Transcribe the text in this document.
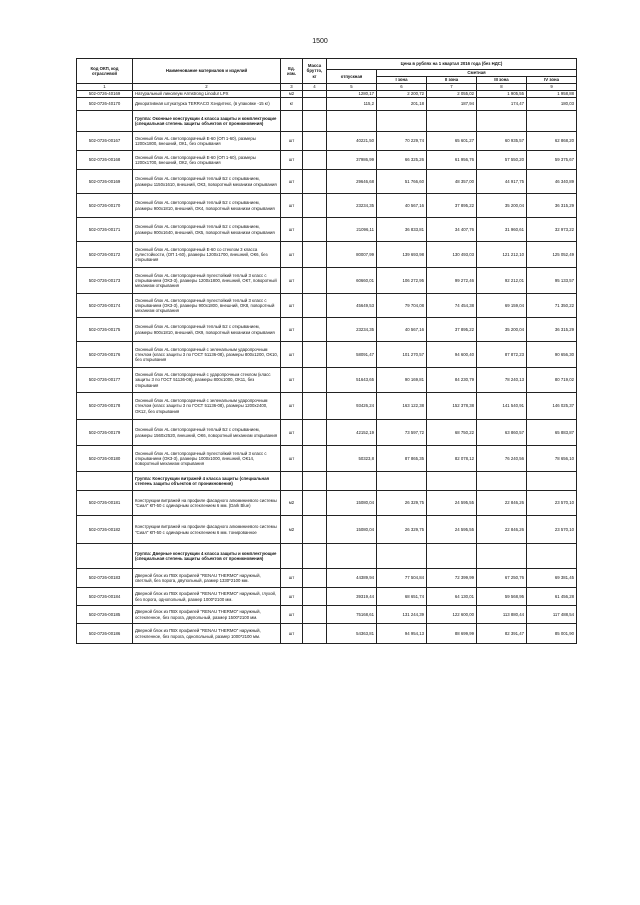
1500
Код ОКП, код отраслевой	Наименование материалов и изделий	Ед. изм.	Масса брутто, кг	Цена в рублях на 1 квартал 2016 года (без НДС)				
				отпускная	Сметная			
					I зона	II зона	III зона	IV зона
1	2	3	4	5	6	7	8	9
502-0726-40169	Натуральный линолеум Armstrong Linodur LPX	м2		1280,17	2 200,72	2 055,02	1 905,55	1 958,88
502-0726-40170	Декоративная штукатурка TERRACO Хэндитекс, (в упаковке -15 кг)	кг		115,2	201,18	187,94	174,47	180,03
	Группа: Оконные конструкции 4 класса защиты и комплектующие (специальная степень защиты объектов от проникновения)							
502-0726-00167	Оконный блок AL светопрозрачный Е-60 (ОП 1-60), размеры 1200х1800, внешний, ОК1, без открывания	шт		40221,50	70 229,74	65 601,27	60 935,57	62 868,20
502-0726-00168	Оконный блок AL светопрозрачный Е-60 (ОП 1-60), размеры 1200х1700, внешний, ОК2, без открывания	шт		37986,99	66 325,26	61 956,76	57 550,20	59 375,67
502-0726-00169	Оконный блок AL светопрозрачный теплый Б2 с открыванием, размеры 1150х1610, внешний, ОК3, поворотный механизм открывания	шт		29646,68	51 766,60	48 357,00	44 917,75	46 340,89
502-0726-00170	Оконный блок AL светопрозрачный теплый Б2 с открыванием, размеры 900х1810, внешний, ОК4, поворотный механизм открывания	шт		23234,35	40 567,16	37 895,22	35 200,04	36 315,29
502-0726-00171	Оконный блок AL светопрозрачный теплый Б2 с открыванием, размеры 900х1640, внешний, ОК5, поворотный механизм открывания	шт		21096,11	36 833,81	34 407,76	31 960,61	32 973,22
502-0726-00172	Оконный блок AL светопрозрачный Е-60 со стеклом 3 класса пулестойкости, (ОП 1-60), размеры 1200х1700, внешний, ОК6, без открывания	шт		80007,99	139 693,98	130 493,03	121 212,10	125 052,49
502-0726-00173	Оконный блок AL светопрозрачный пулестойкий теплый 3 класс с открыванием (ОК3-3), размеры 1200х1800, внешний, ОК7, поворотный механизм открывания	шт		60660,01	106 272,95	99 272,46	92 212,01	95 133,57
502-0726-00174	Оконный блок AL светопрозрачный пулестойкий теплый 3 класс с открыванием (ОК3-3), размеры 900х1800, внешний, ОК8, поворотный механизм открывания	шт		45649,53	79 704,08	74 454,38	69 159,04	71 350,22
502-0726-00175	Оконный блок AL светопрозрачный теплый Б2 с открыванием, размеры 900х1810, внешний, ОК9, поворотный механизм открывания	шт		23234,35	40 567,16	37 895,22	35 200,04	36 315,29
502-0726-00176	Оконный блок AL светопрозрачный с зеленальным ударопрочным стеклом (класс защиты 3 по ГОСТ 51136-08), размеры 800х1200, ОК10, без открывания	шт		58091,47	101 270,57	94 600,40	87 872,23	90 656,30
502-0726-00177	Оконный блок AL светопрозрачный с ударопрочным стеклом (класс защиты 3 по ГОСТ 51136-08), размеры 800х1000, ОК11, без открывания	шт		51643,65	90 169,81	84 230,79	78 240,13	80 719,02
502-0726-00178	Оконный блок AL светопрозрачный с зеленальным ударопрочным стеклом (класс защиты 3 по ГОСТ 51136-08), размеры 1200х2400, ОК12, без открывания	шт		93426,24	163 122,38	152 378,38	141 540,91	146 025,37
502-0726-00179	Оконный блок AL светопрозрачный теплый Б2 с открыванием, размеры 1560х2520, внешний, ОК6, поворотный механизм открывания	шт		42152,19	73 597,72	68 750,22	63 860,57	65 883,87
502-0726-00180	Оконный блок AL светопрозрачный пулестойкий теплый 3 класс с открыванием (ОК3-3), размеры 1000х1000, внешний, ОК14, поворотный механизм открывания	шт		50323,8	87 865,35	82 078,12	76 240,56	78 656,10
	Группа: Конструкции витражей 4 класса защиты (специальная степень защиты объектов от проникновения)							
502-0726-00181	Конструкции витражей на профиле фасадного алюминиевого системы "Сиал" КП-50 с одинарным остеклением 6 мм. (Dark Blue)	м2		15080,04	26 329,75	24 595,55	22 846,26	23 570,10
502-0726-00182	Конструкции витражей на профиле фасадного алюминиевого системы "Сиал" КП-50 с одинарным остеклением 6 мм. тонированное	м2		15080,04	26 329,75	24 595,55	22 846,26	23 570,10
	Группа: Дверные конструкции 4 класса защиты и комплектующие (специальная степень защиты объектов от проникновения)							
502-0726-00183	Дверной блок из ПВХ профилей "RENAU THERMO" наружный, светлый, без порога, двупольный, размер 1330*2100 мм.	шт		44389,94	77 504,84	72 399,99	67 250,76	69 381,45
502-0726-00184	Дверной блок из ПВХ профилей "RENAU THERMO" наружный, глухой, без порога, однопольный, размер 1000*2100 мм.	шт		39319,44	68 651,74	64 130,01	59 568,95	61 456,28
502-0726-00185	Дверной блок из ПВХ профилей "RENAU THERMO" наружный, остекленное, без порога, двупольный, размер 1500*2100 мм.	шт		75168,61	131 244,39	122 600,00	113 880,44	117 488,54
502-0726-00186	Дверной блок из ПВХ профилей "RENAU THERMO" наружный, остекленное, без порога, однопольный, размер 1000*2100 мм.	шт		54363,81	94 954,13	88 699,99	82 391,47	85 001,90
